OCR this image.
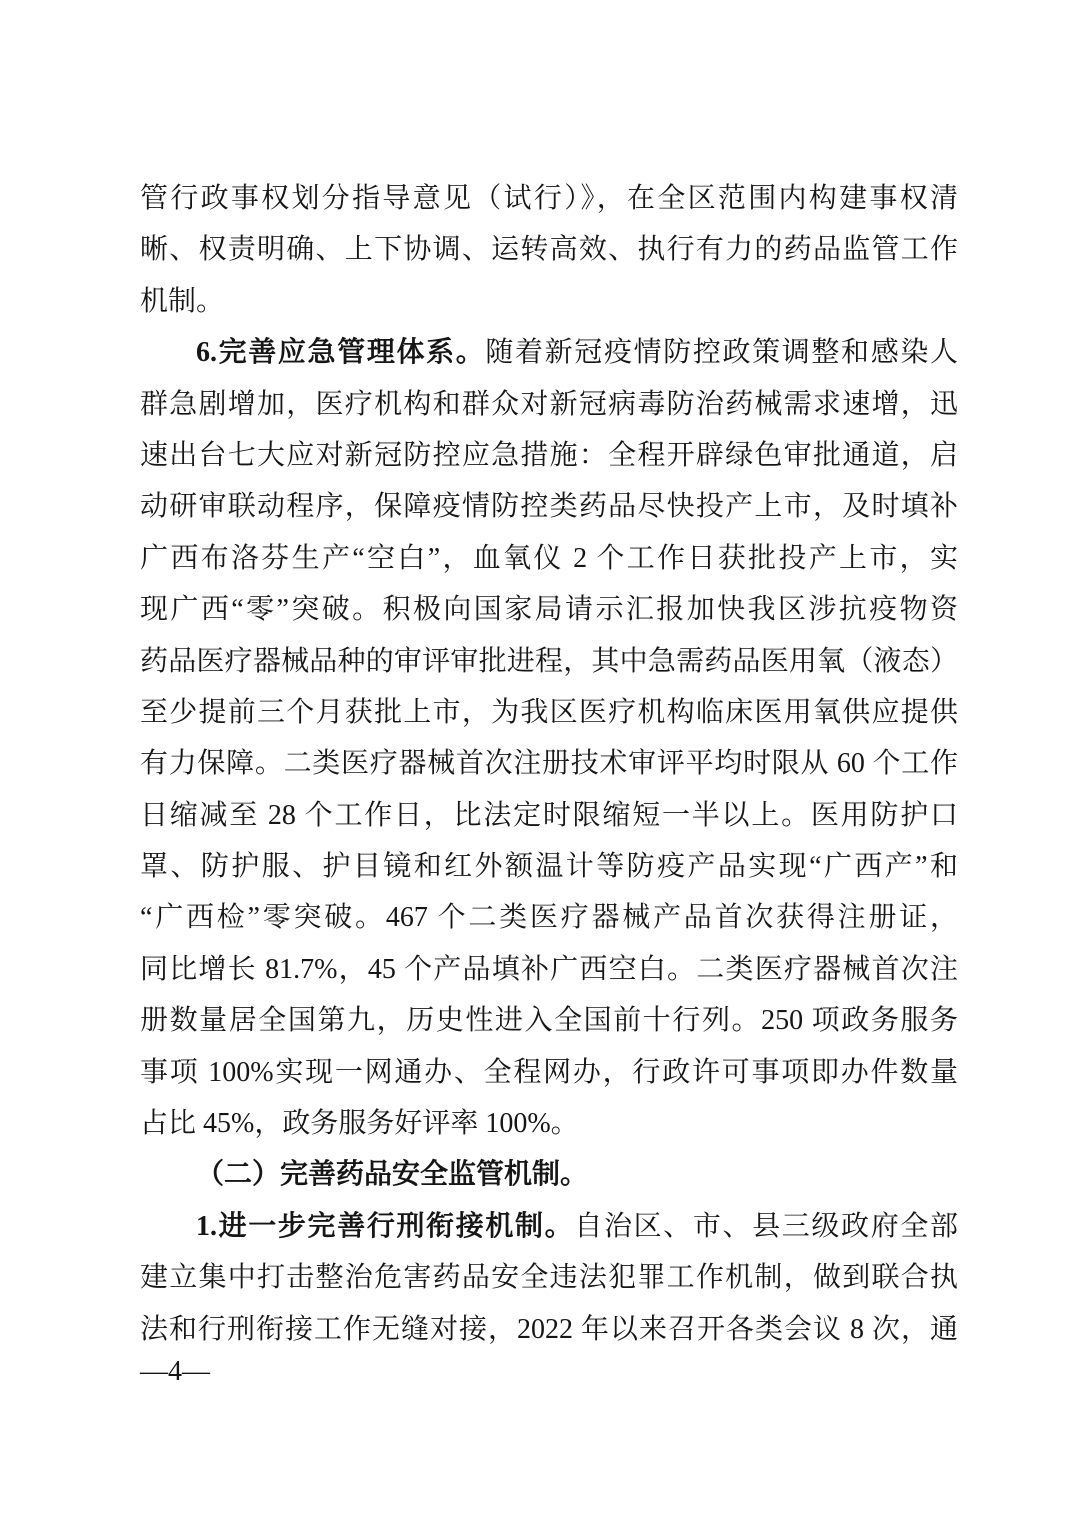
管行政事权划分指导意见（试行）》，在全区范围内构建事权清
晰、权责明确、上下协调、运转高效、执行有力的药品监管工作
机制。
6.完善应急管理体系。随着新冠疫情防控政策调整和感染人
群急剧增加，医疗机构和群众对新冠病毒防治药械需求速增，迅
速出台七大应对新冠防控应急措施：全程开辟绿色审批通道，启
动研审联动程序，保障疫情防控类药品尽快投产上市，及时填补
广西布洛芬生产“空白”，血氧仪 2 个工作日获批投产上市，实
现广西“零”突破。积极向国家局请示汇报加快我区涉抗疫物资
药品医疗器械品种的审评审批进程，其中急需药品医用氧（液态）
至少提前三个月获批上市，为我区医疗机构临床医用氧供应提供
有力保障。二类医疗器械首次注册技术审评平均时限从 60 个工作
日缩减至 28 个工作日，比法定时限缩短一半以上。医用防护口
罩、防护服、护目镜和红外额温计等防疫产品实现“广西产”和
“广西检”零突破。467 个二类医疗器械产品首次获得注册证，
同比增长 81.7%，45 个产品填补广西空白。二类医疗器械首次注
册数量居全国第九，历史性进入全国前十行列。250 项政务服务
事项 100%实现一网通办、全程网办，行政许可事项即办件数量
占比 45%，政务服务好评率 100%。
（二）完善药品安全监管机制。
1.进一步完善行刑衔接机制。自治区、市、县三级政府全部
建立集中打击整治危害药品安全违法犯罪工作机制，做到联合执
法和行刑衔接工作无缝对接，2022 年以来召开各类会议 8 次，通
—4—
